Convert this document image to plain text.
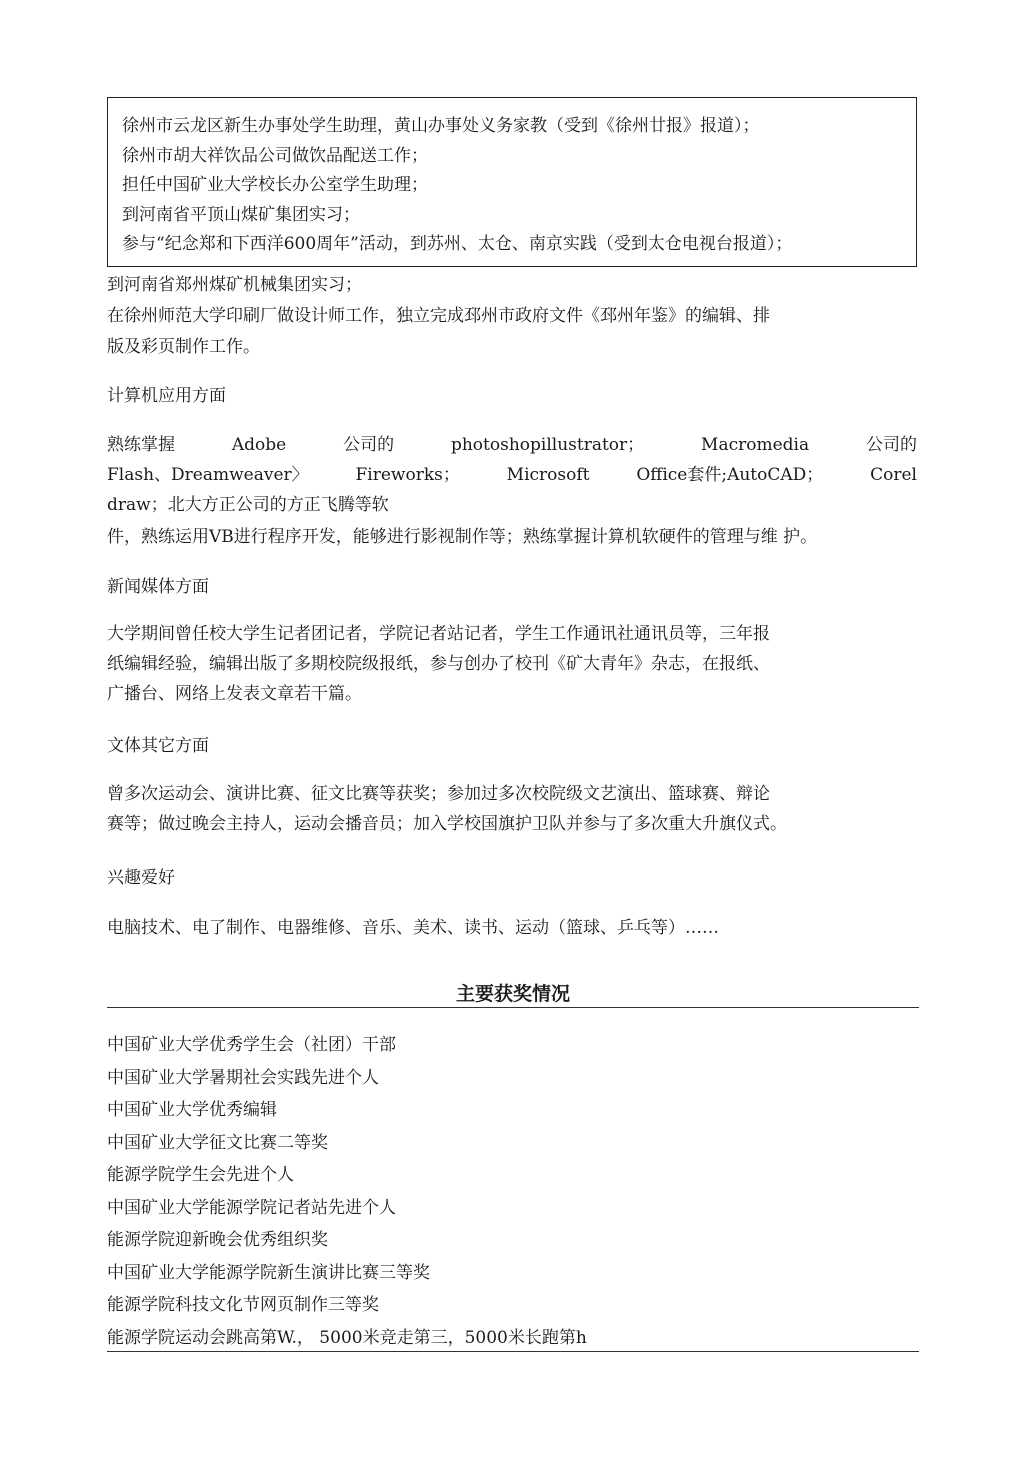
徐州市云龙区新生办事处学生助理，黄山办事处义务家教（受到《徐州廿报》报道）；
徐州市胡大祥饮品公司做饮品配送工作；
担任中国矿业大学校长办公室学生助理；
到河南省平顶山煤矿集团实习；
参与“纪念郑和下西洋600周年”活动，到苏州、太仓、南京实践（受到太仓电视台报道）；
到河南省郑州煤矿机械集团实习；
在徐州师范大学印刷厂做设计师工作，独立完成邳州市政府文件《邳州年鉴》的编辑、排
版及彩页制作工作。
计算机应用方面
熟练掌握	Adobe	公司的	photoshopillustrator；	Macromedia	公司的
Flash、Dreamweaver〉	Fireworks；	Microsoft	Office套件;AutoCAD；	Corel
draw；北大方正公司的方正飞腾等软
件，熟练运用VB进行程序开发，能够进行影视制作等；熟练掌握计算机软硬件的管理与维 护。
新闻媒体方面
大学期间曾任校大学生记者团记者，学院记者站记者，学生工作通讯社通讯员等，三年报
纸编辑经验，编辑出版了多期校院级报纸，参与创办了校刊《矿大青年》杂志，在报纸、
广播台、网络上发表文章若干篇。
文体其它方面
曾多次运动会、演讲比赛、征文比赛等获奖；参加过多次校院级文艺演出、篮球赛、辩论
赛等；做过晚会主持人，运动会播音员；加入学校国旗护卫队并参与了多次重大升旗仪式。
兴趣爱好
电脑技术、电了制作、电器维修、音乐、美术、读书、运动（篮球、乒乓等）……
主要获奖情况
中国矿业大学优秀学生会（社团）干部
中国矿业大学暑期社会实践先进个人
中国矿业大学优秀编辑
中国矿业大学征文比赛二等奖
能源学院学生会先进个人
中国矿业大学能源学院记者站先进个人
能源学院迎新晚会优秀组织奖
中国矿业大学能源学院新生演讲比赛三等奖
能源学院科技文化节网页制作三等奖
能源学院运动会跳高第W.， 5000米竞走第三，5000米长跑第h
